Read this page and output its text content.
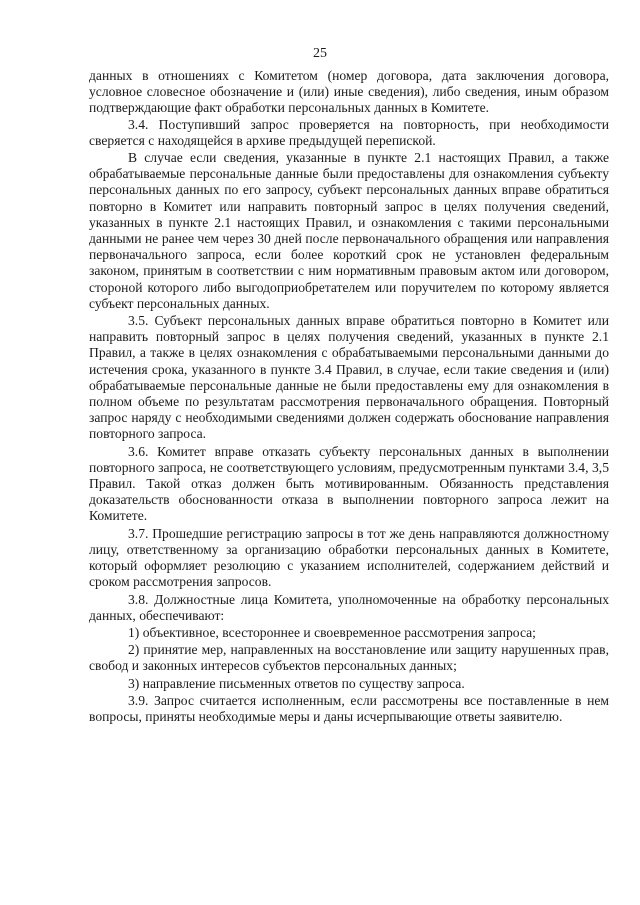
25

данных в отношениях с Комитетом (номер договора, дата заключения договора, условное словесное обозначение и (или) иные сведения), либо сведения, иным образом подтверждающие факт обработки персональных данных в Комитете.

3.4. Поступивший запрос проверяется на повторность, при необходимости сверяется с находящейся в архиве предыдущей перепиской.

В случае если сведения, указанные в пункте 2.1 настоящих Правил, а также обрабатываемые персональные данные были предоставлены для ознакомления субъекту персональных данных по его запросу, субъект персональных данных вправе обратиться повторно в Комитет или направить повторный запрос в целях получения сведений, указанных в пункте 2.1 настоящих Правил, и ознакомления с такими персональными данными не ранее чем через 30 дней после первоначального обращения или направления первоначального запроса, если более короткий срок не установлен федеральным законом, принятым в соответствии с ним нормативным правовым актом или договором, стороной которого либо выгодоприобретателем или поручителем по которому является субъект персональных данных.

3.5. Субъект персональных данных вправе обратиться повторно в Комитет или направить повторный запрос в целях получения сведений, указанных в пункте 2.1 Правил, а также в целях ознакомления с обрабатываемыми персональными данными до истечения срока, указанного в пункте 3.4 Правил, в случае, если такие сведения и (или) обрабатываемые персональные данные не были предоставлены ему для ознакомления в полном объеме по результатам рассмотрения первоначального обращения. Повторный запрос наряду с необходимыми сведениями должен содержать обоснование направления повторного запроса.

3.6. Комитет вправе отказать субъекту персональных данных в выполнении повторного запроса, не соответствующего условиям, предусмотренным пунктами 3.4, 3,5 Правил. Такой отказ должен быть мотивированным. Обязанность представления доказательств обоснованности отказа в выполнении повторного запроса лежит на Комитете.

3.7. Прошедшие регистрацию запросы в тот же день направляются должностному лицу, ответственному за организацию обработки персональных данных в Комитете, который оформляет резолюцию с указанием исполнителей, содержанием действий и сроком рассмотрения запросов.

3.8. Должностные лица Комитета, уполномоченные на обработку персональных данных, обеспечивают:

1) объективное, всестороннее и своевременное рассмотрения запроса;

2) принятие мер, направленных на восстановление или защиту нарушенных прав, свобод и законных интересов субъектов персональных данных;

3) направление письменных ответов по существу запроса.

3.9. Запрос считается исполненным, если рассмотрены все поставленные в нем вопросы, приняты необходимые меры и даны исчерпывающие ответы заявителю.
